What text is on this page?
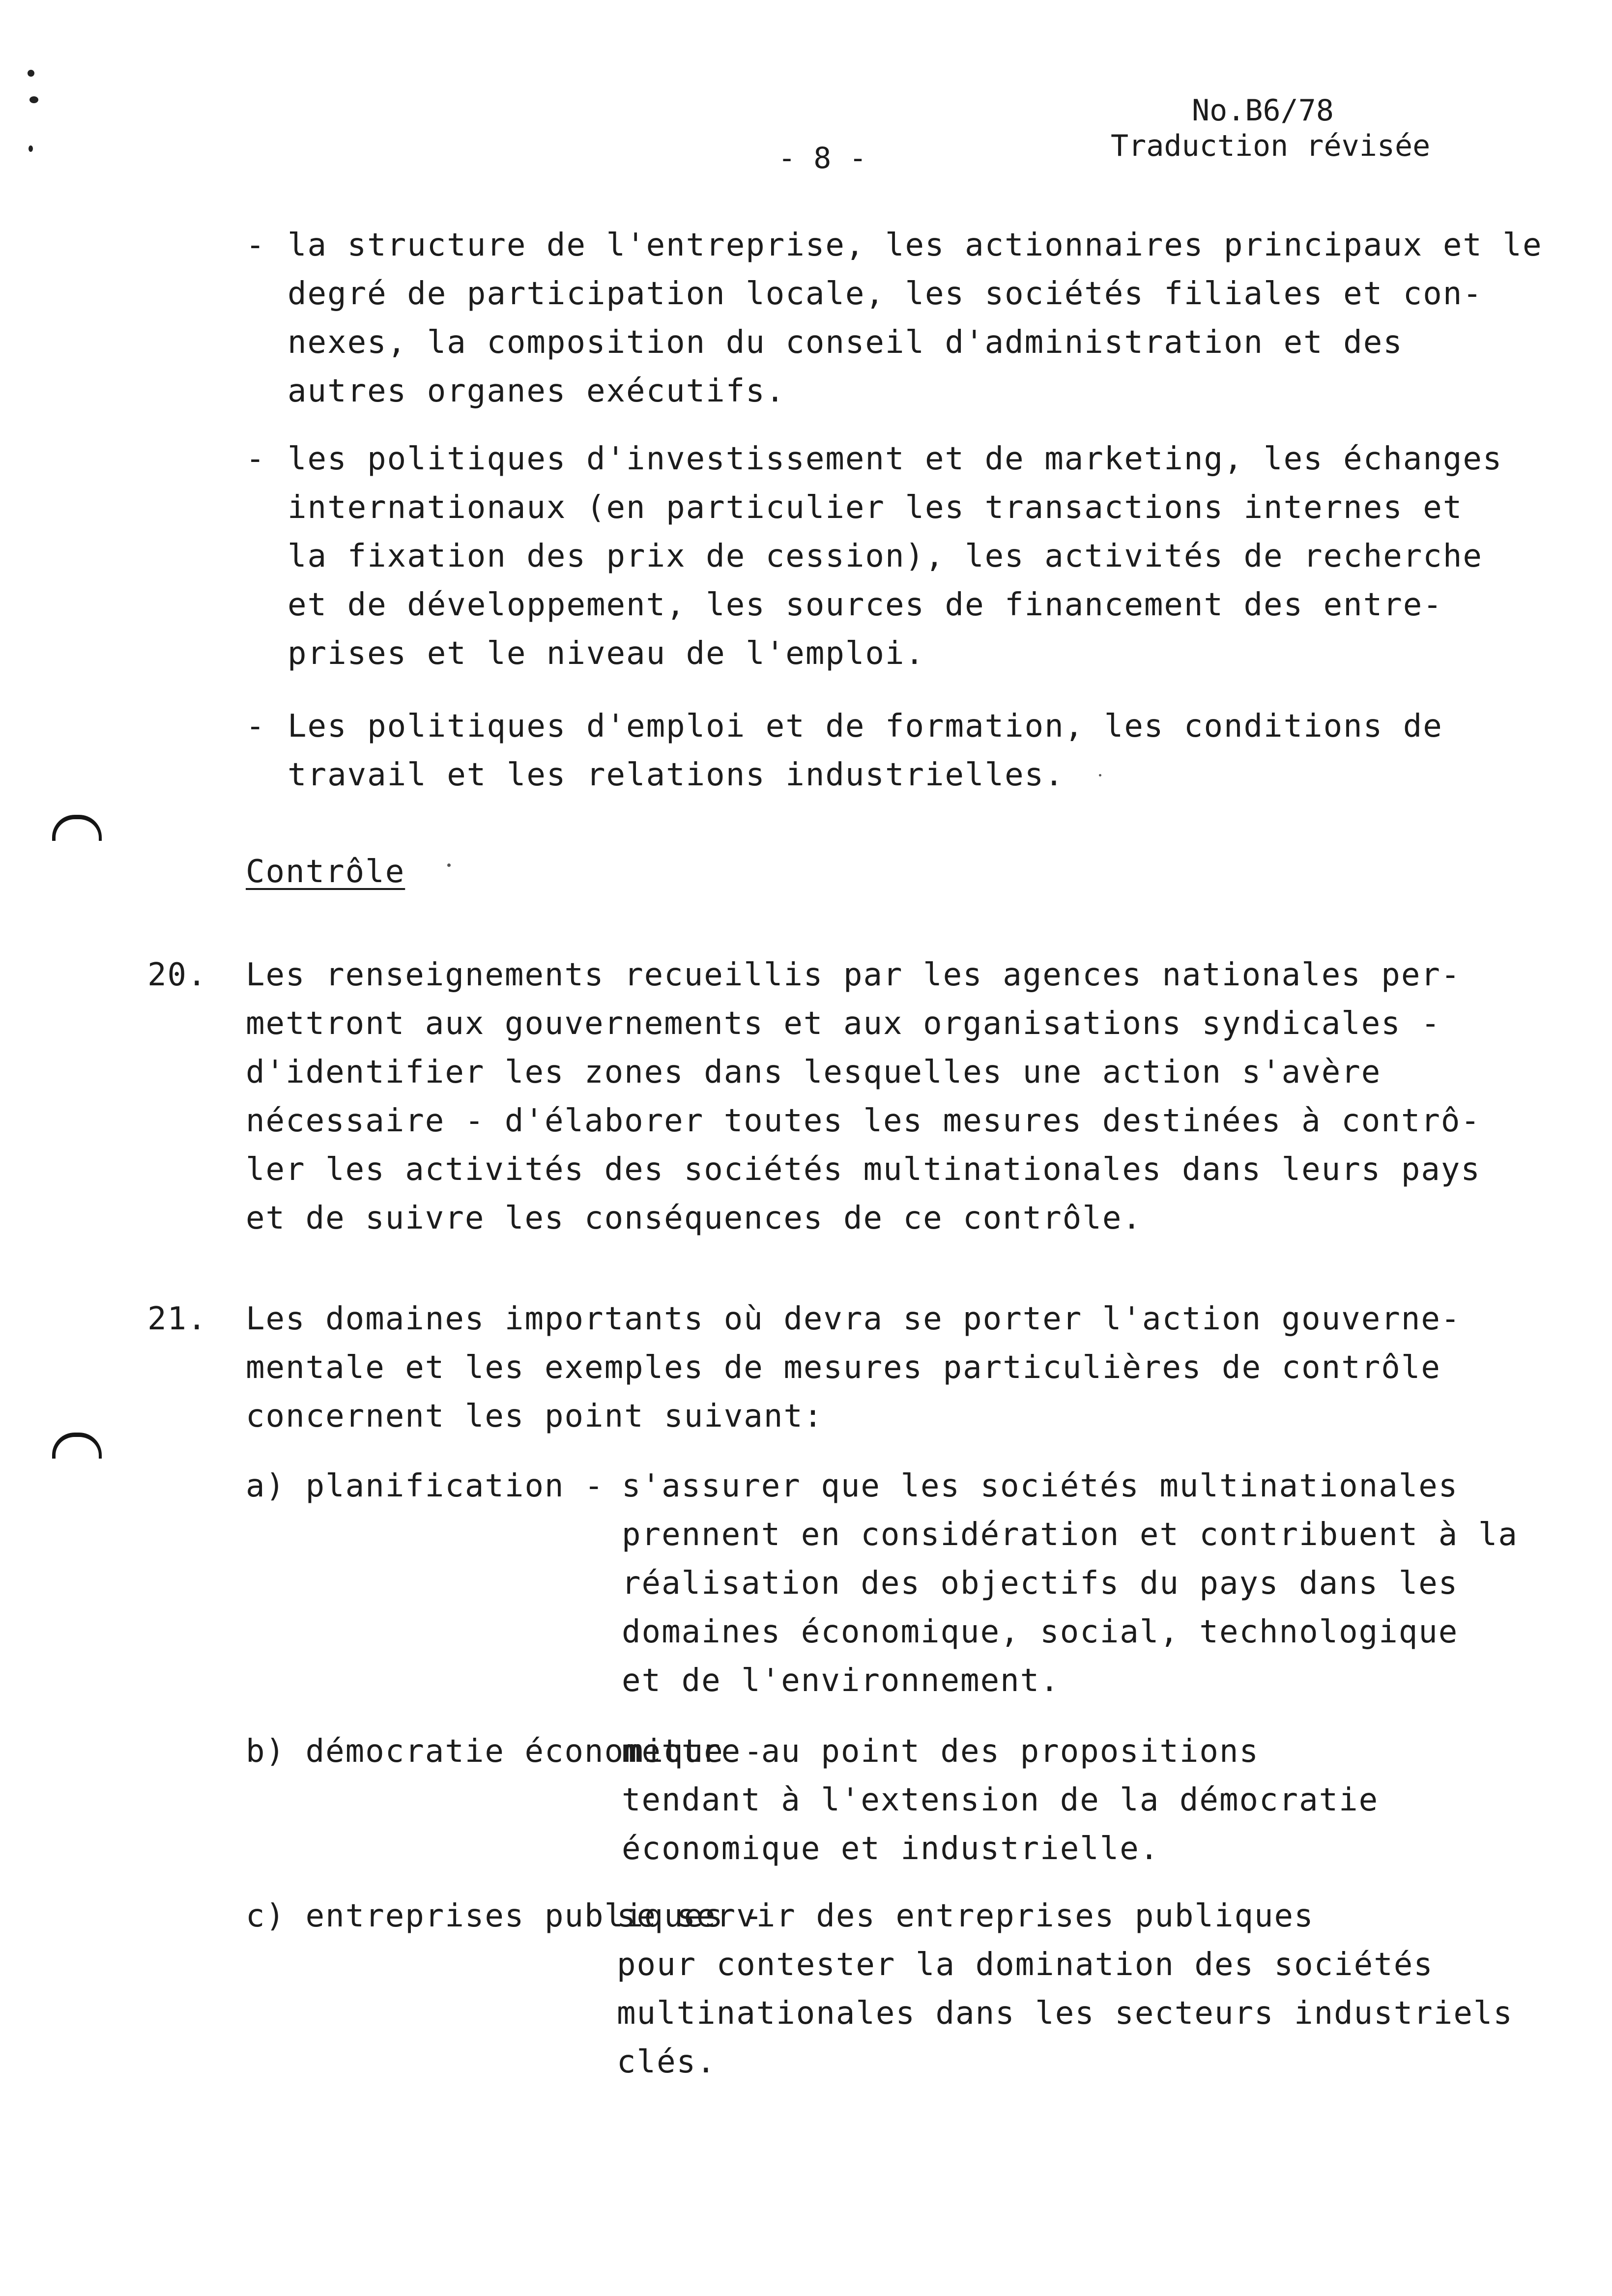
No.B6/78
Traduction révisée
- 8 -
- la structure de l'entreprise, les actionnaires principaux et le
degré de participation locale, les sociétés filiales et con-
nexes, la composition du conseil d'administration et des
autres organes exécutifs.
- les politiques d'investissement et de marketing, les échanges
internationaux (en particulier les transactions internes et
la fixation des prix de cession), les activités de recherche
et de développement, les sources de financement des entre-
prises et le niveau de l'emploi.
- Les politiques d'emploi et de formation, les conditions de
travail et les relations industrielles.
Contrôle
20. Les renseignements recueillis par les agences nationales per-
mettront aux gouvernements et aux organisations syndicales -
d'identifier les zones dans lesquelles une action s'avère
nécessaire - d'élaborer toutes les mesures destinées à contrô-
ler les activités des sociétés multinationales dans leurs pays
et de suivre les conséquences de ce contrôle.
21. Les domaines importants où devra se porter l'action gouverne-
mentale et les exemples de mesures particulières de contrôle
concernent les point suivant:
a) planification - s'assurer que les sociétés multinationales
prennent en considération et contribuent à la
réalisation des objectifs du pays dans les
domaines économique, social, technologique
et de l'environnement.
b) démocratie économique -
mettre au point des propositions
tendant à l'extension de la démocratie
économique et industrielle.
c) entreprises publiques -
se servir des entreprises publiques
pour contester la domination des sociétés
multinationales dans les secteurs industriels
clés.
